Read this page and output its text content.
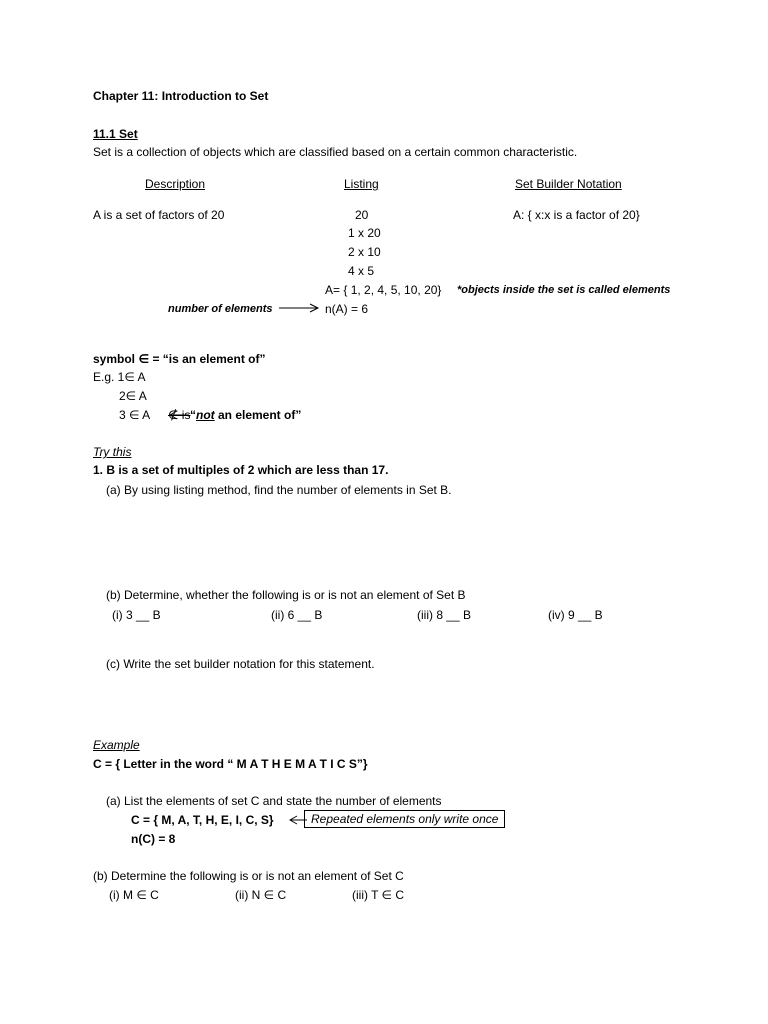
Chapter 11: Introduction to Set
11.1 Set
Set is a collection of objects which are classified based on a certain common characteristic.
Description	Listing	Set Builder Notation
A is a set of factors of 20	20	A: { x:x is a factor of 20}
1 x 20
2 x 10
4 x 5
A= { 1, 2, 4, 5, 10, 20} *objects inside the set is called elements
number of elements	n(A) = 6
symbol ∈ = “is an element of”
E.g. 1∈ A
2∈ A
3 ∈ A ∉ is “not an element of”
Try this
1. B is a set of multiples of 2 which are less than 17.
(a) By using listing method, find the number of elements in Set B.
(b) Determine, whether the following is or is not an element of Set B
(i) 3 __ B	(ii) 6 __ B	(iii) 8 __ B	(iv) 9 __ B
(c) Write the set builder notation for this statement.
Example
C = { Letter in the word “ M A T H E M A T I C S”}
(a) List the elements of set C and state the number of elements
C = { M, A, T, H, E, I, C, S}	Repeated elements only write once
n(C) = 8
(b) Determine the following is or is not an element of Set C
(i) M ∈ C	(ii) N ∈ C	(iii) T ∈ C
